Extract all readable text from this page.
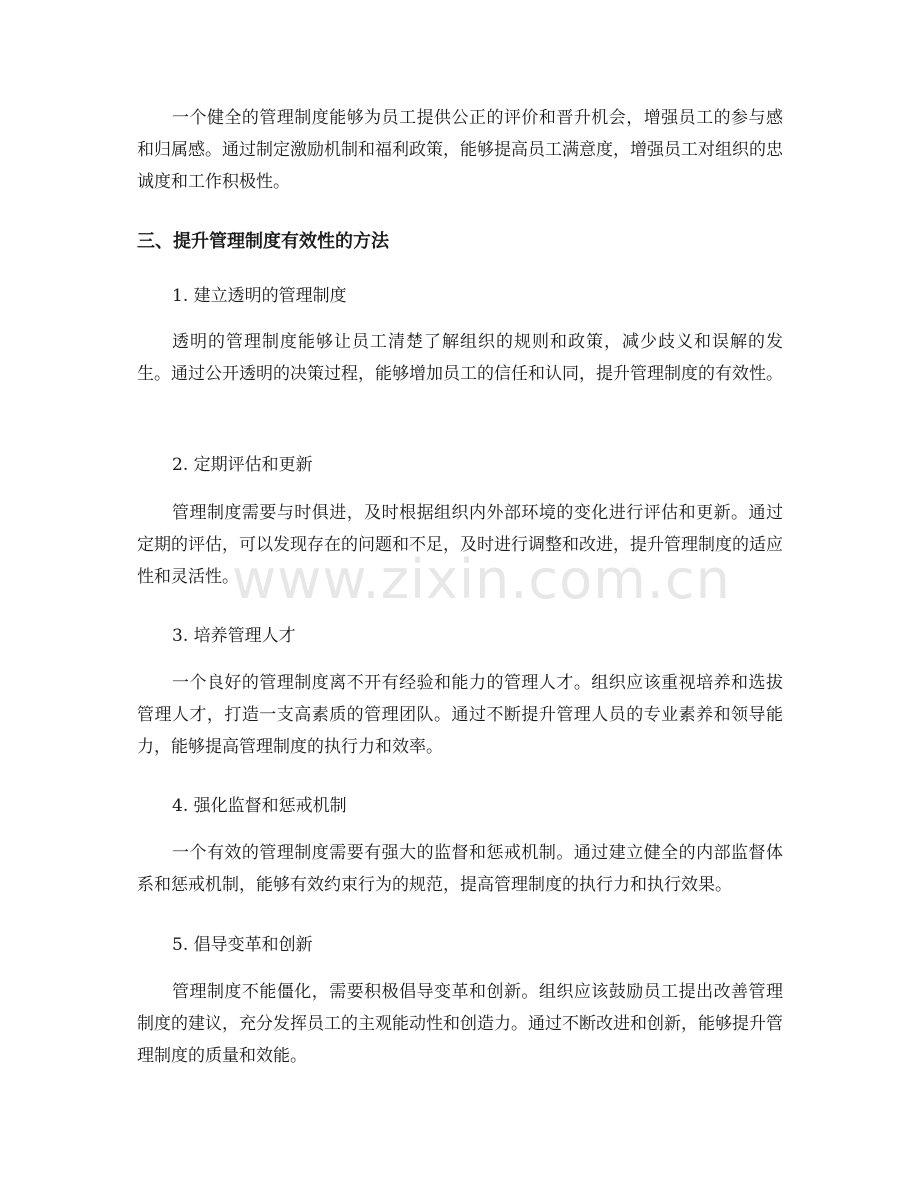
一个健全的管理制度能够为员工提供公正的评价和晋升机会，增强员工的参与感和归属感。通过制定激励机制和福利政策，能够提高员工满意度，增强员工对组织的忠诚度和工作积极性。

三、提升管理制度有效性的方法

1. 建立透明的管理制度

透明的管理制度能够让员工清楚了解组织的规则和政策，减少歧义和误解的发生。通过公开透明的决策过程，能够增加员工的信任和认同，提升管理制度的有效性。

2. 定期评估和更新

管理制度需要与时俱进，及时根据组织内外部环境的变化进行评估和更新。通过定期的评估，可以发现存在的问题和不足，及时进行调整和改进，提升管理制度的适应性和灵活性。

3. 培养管理人才

一个良好的管理制度离不开有经验和能力的管理人才。组织应该重视培养和选拔管理人才，打造一支高素质的管理团队。通过不断提升管理人员的专业素养和领导能力，能够提高管理制度的执行力和效率。

4. 强化监督和惩戒机制

一个有效的管理制度需要有强大的监督和惩戒机制。通过建立健全的内部监督体系和惩戒机制，能够有效约束行为的规范，提高管理制度的执行力和执行效果。

5. 倡导变革和创新

管理制度不能僵化，需要积极倡导变革和创新。组织应该鼓励员工提出改善管理制度的建议，充分发挥员工的主观能动性和创造力。通过不断改进和创新，能够提升管理制度的质量和效能。

www.zixin.com.cn
